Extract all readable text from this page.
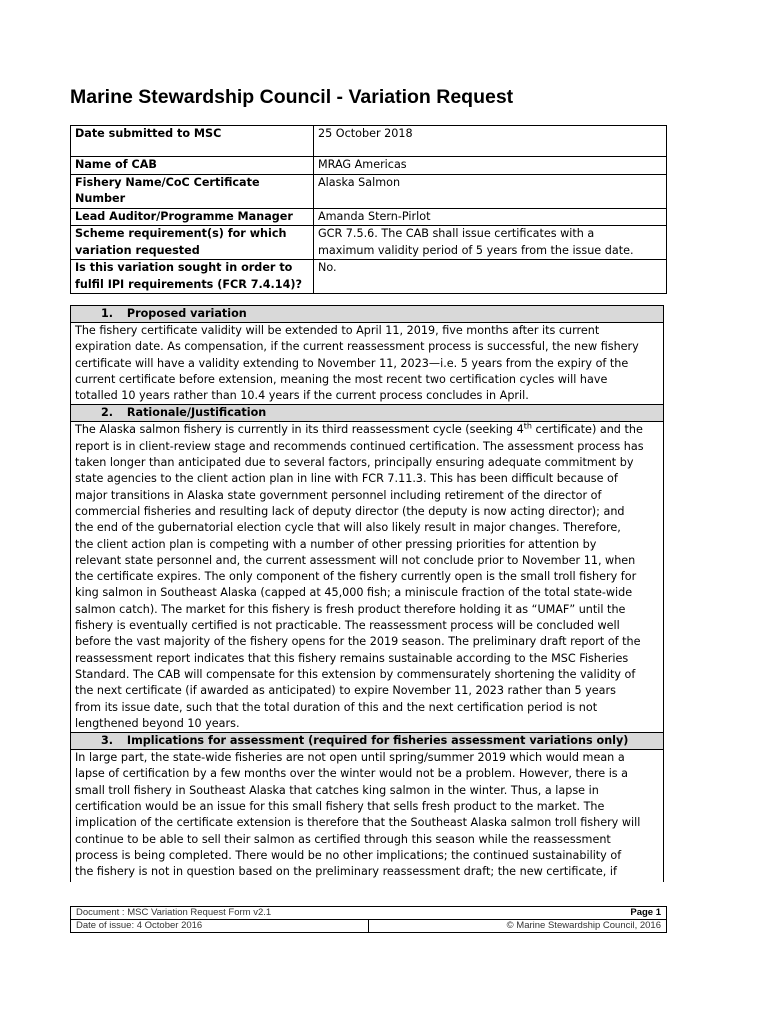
Marine Stewardship Council - Variation Request
Date submitted to MSC	25 October 2018
Name of CAB	MRAG Americas
Fishery Name/CoC Certificate Number	Alaska Salmon
Lead Auditor/Programme Manager	Amanda Stern-Pirlot

Scheme requirement(s) for which
variation requested	GCR 7.5.6. The CAB shall issue certificates with a
maximum validity period of 5 years from the issue date.

Is this variation sought in order to
fulfil IPI requirements (FCR 7.4.14)?	No.
1. Proposed variation
The fishery certificate validity will be extended to April 11, 2019, five months after its current
expiration date. As compensation, if the current reassessment process is successful, the new fishery
certificate will have a validity extending to November 11, 2023—i.e. 5 years from the expiry of the
current certificate before extension, meaning the most recent two certification cycles will have
totalled 10 years rather than 10.4 years if the current process concludes in April.
2. Rationale/Justification
The Alaska salmon fishery is currently in its third reassessment cycle (seeking 4th certificate) and the
report is in client-review stage and recommends continued certification. The assessment process has
taken longer than anticipated due to several factors, principally ensuring adequate commitment by
state agencies to the client action plan in line with FCR 7.11.3. This has been difficult because of
major transitions in Alaska state government personnel including retirement of the director of
commercial fisheries and resulting lack of deputy director (the deputy is now acting director); and
the end of the gubernatorial election cycle that will also likely result in major changes. Therefore,
the client action plan is competing with a number of other pressing priorities for attention by
relevant state personnel and, the current assessment will not conclude prior to November 11, when
the certificate expires. The only component of the fishery currently open is the small troll fishery for
king salmon in Southeast Alaska (capped at 45,000 fish; a miniscule fraction of the total state-wide
salmon catch). The market for this fishery is fresh product therefore holding it as “UMAF” until the
fishery is eventually certified is not practicable. The reassessment process will be concluded well
before the vast majority of the fishery opens for the 2019 season. The preliminary draft report of the
reassessment report indicates that this fishery remains sustainable according to the MSC Fisheries
Standard. The CAB will compensate for this extension by commensurately shortening the validity of
the next certificate (if awarded as anticipated) to expire November 11, 2023 rather than 5 years
from its issue date, such that the total duration of this and the next certification period is not
lengthened beyond 10 years.
3. Implications for assessment (required for fisheries assessment variations only)
In large part, the state-wide fisheries are not open until spring/summer 2019 which would mean a
lapse of certification by a few months over the winter would not be a problem. However, there is a
small troll fishery in Southeast Alaska that catches king salmon in the winter. Thus, a lapse in
certification would be an issue for this small fishery that sells fresh product to the market. The
implication of the certificate extension is therefore that the Southeast Alaska salmon troll fishery will
continue to be able to sell their salmon as certified through this season while the reassessment
process is being completed. There would be no other implications; the continued sustainability of
the fishery is not in question based on the preliminary reassessment draft; the new certificate, if
Document : MSC Variation Request Form v2.1	Page 1

Date of issue: 4 October 2016	© Marine Stewardship Council, 2016
